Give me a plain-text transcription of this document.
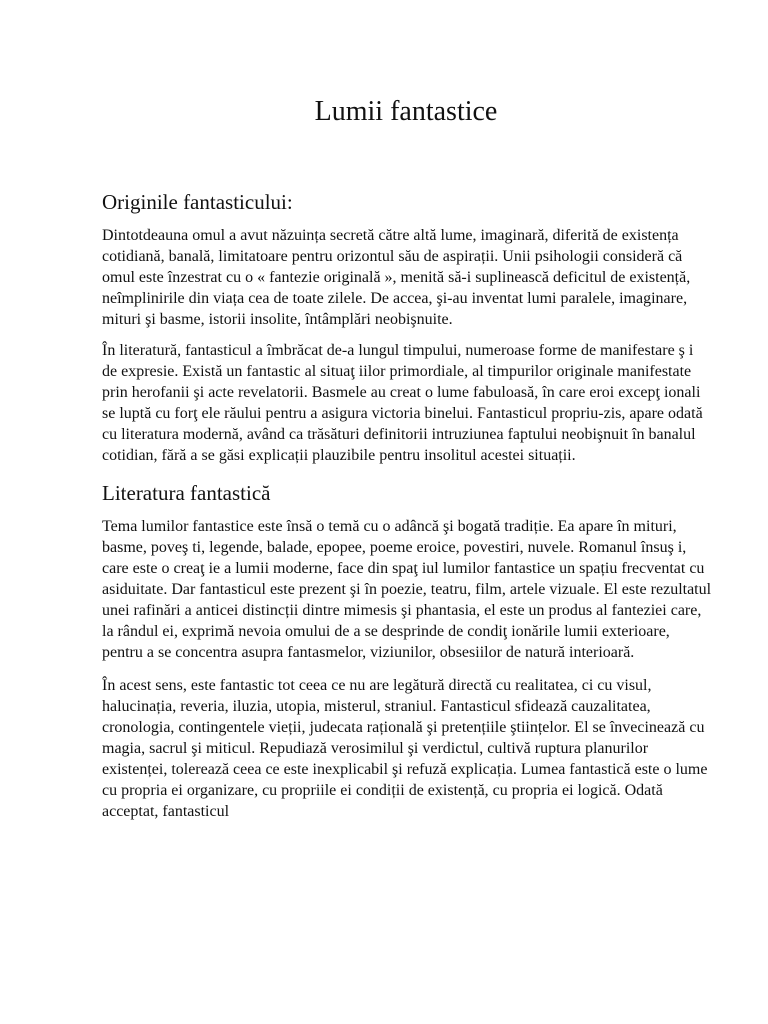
Lumii fantastice
Originile fantasticului:

Dintotdeauna omul a avut năzuința secretă către altă lume, imaginară, diferită de existența cotidiană, banală, limitatoare pentru orizontul său de aspirații. Unii psihologii consideră că omul este înzestrat cu o « fantezie originală », menită să-i suplinească deficitul de existență, neîmplinirile din viața cea de toate zilele. De accea, şi-au inventat lumi paralele, imaginare, mituri şi basme, istorii insolite, întâmplări neobişnuite.

În literatură, fantasticul a îmbrăcat de-a lungul timpului, numeroase forme de manifestare ş i de expresie. Există un fantastic al situaţ iilor primordiale, al timpurilor originale manifestate prin herofanii şi acte revelatorii. Basmele au creat o lume fabuloasă, în care eroi excepţ ionali se luptă cu forţ ele răului pentru a asigura victoria binelui. Fantasticul propriu-zis, apare odată cu literatura modernă, având ca trăsături definitorii intruziunea faptului neobişnuit în banalul cotidian, fără a se găsi explicații plauzibile pentru insolitul acestei situații.

Literatura fantastică

Tema lumilor fantastice este însă o temă cu o adâncă şi bogată tradiție. Ea apare în mituri, basme, poveş ti, legende, balade, epopee, poeme eroice, povestiri, nuvele. Romanul însuş i, care este o creaţ ie a lumii moderne, face din spaţ iul lumilor fantastice un spațiu frecventat cu asiduitate. Dar fantasticul este prezent şi în poezie, teatru, film, artele vizuale. El este rezultatul unei rafinări a anticei distincții dintre mimesis şi phantasia, el este un produs al fanteziei care, la rândul ei, exprimă nevoia omului de a se desprinde de condiţ ionările lumii exterioare, pentru a se concentra asupra fantasmelor, viziunilor, obsesiilor de natură interioară.

În acest sens, este fantastic tot ceea ce nu are legătură directă cu realitatea, ci cu visul, halucinația, reveria, iluzia, utopia, misterul, straniul. Fantasticul sfidează cauzalitatea, cronologia, contingentele vieții, judecata rațională şi pretențiile ştiințelor. El se învecinează cu magia, sacrul şi miticul. Repudiază verosimilul şi verdictul, cultivă ruptura planurilor existenței, tolerează ceea ce este inexplicabil şi refuză explicația. Lumea fantastică este o lume cu propria ei organizare, cu propriile ei condiții de existență, cu propria ei logică. Odată acceptat, fantasticul
